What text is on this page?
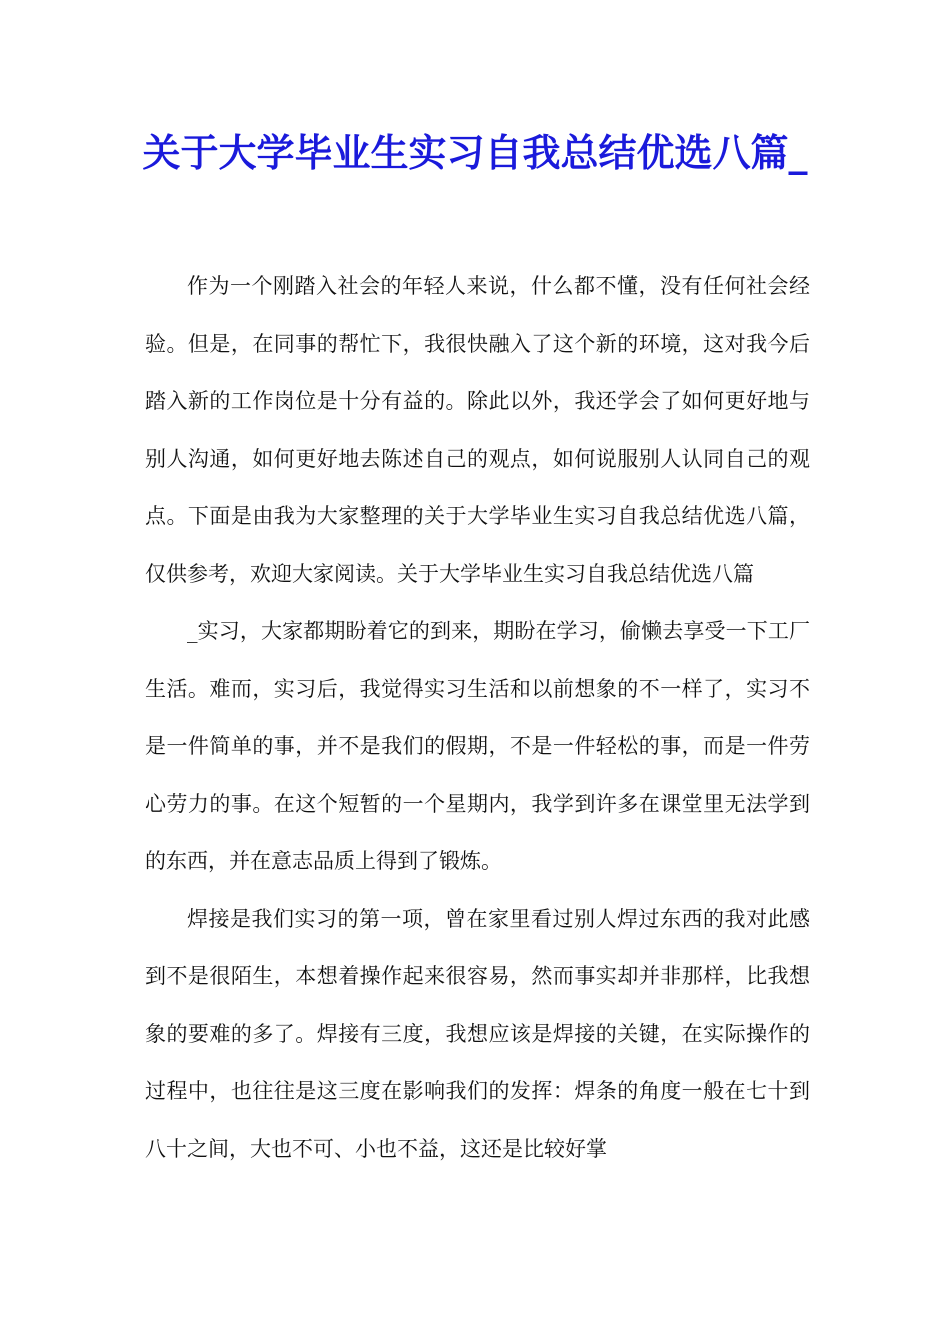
关于大学毕业生实习自我总结优选八篇_

作为一个刚踏入社会的年轻人来说，什么都不懂，没有任何社会经验。但是，在同事的帮忙下，我很快融入了这个新的环境，这对我今后踏入新的工作岗位是十分有益的。除此以外，我还学会了如何更好地与别人沟通，如何更好地去陈述自己的观点，如何说服别人认同自己的观点。下面是由我为大家整理的关于大学毕业生实习自我总结优选八篇，仅供参考，欢迎大家阅读。关于大学毕业生实习自我总结优选八篇

_实习，大家都期盼着它的到来，期盼在学习，偷懒去享受一下工厂生活。难而，实习后，我觉得实习生活和以前想象的不一样了，实习不是一件简单的事，并不是我们的假期，不是一件轻松的事，而是一件劳心劳力的事。在这个短暂的一个星期内，我学到许多在课堂里无法学到的东西，并在意志品质上得到了锻炼。

焊接是我们实习的第一项，曾在家里看过别人焊过东西的我对此感到不是很陌生，本想着操作起来很容易，然而事实却并非那样，比我想象的要难的多了。焊接有三度，我想应该是焊接的关键，在实际操作的过程中，也往往是这三度在影响我们的发挥：焊条的角度一般在七十到八十之间，大也不可、小也不益，这还是比较好掌
